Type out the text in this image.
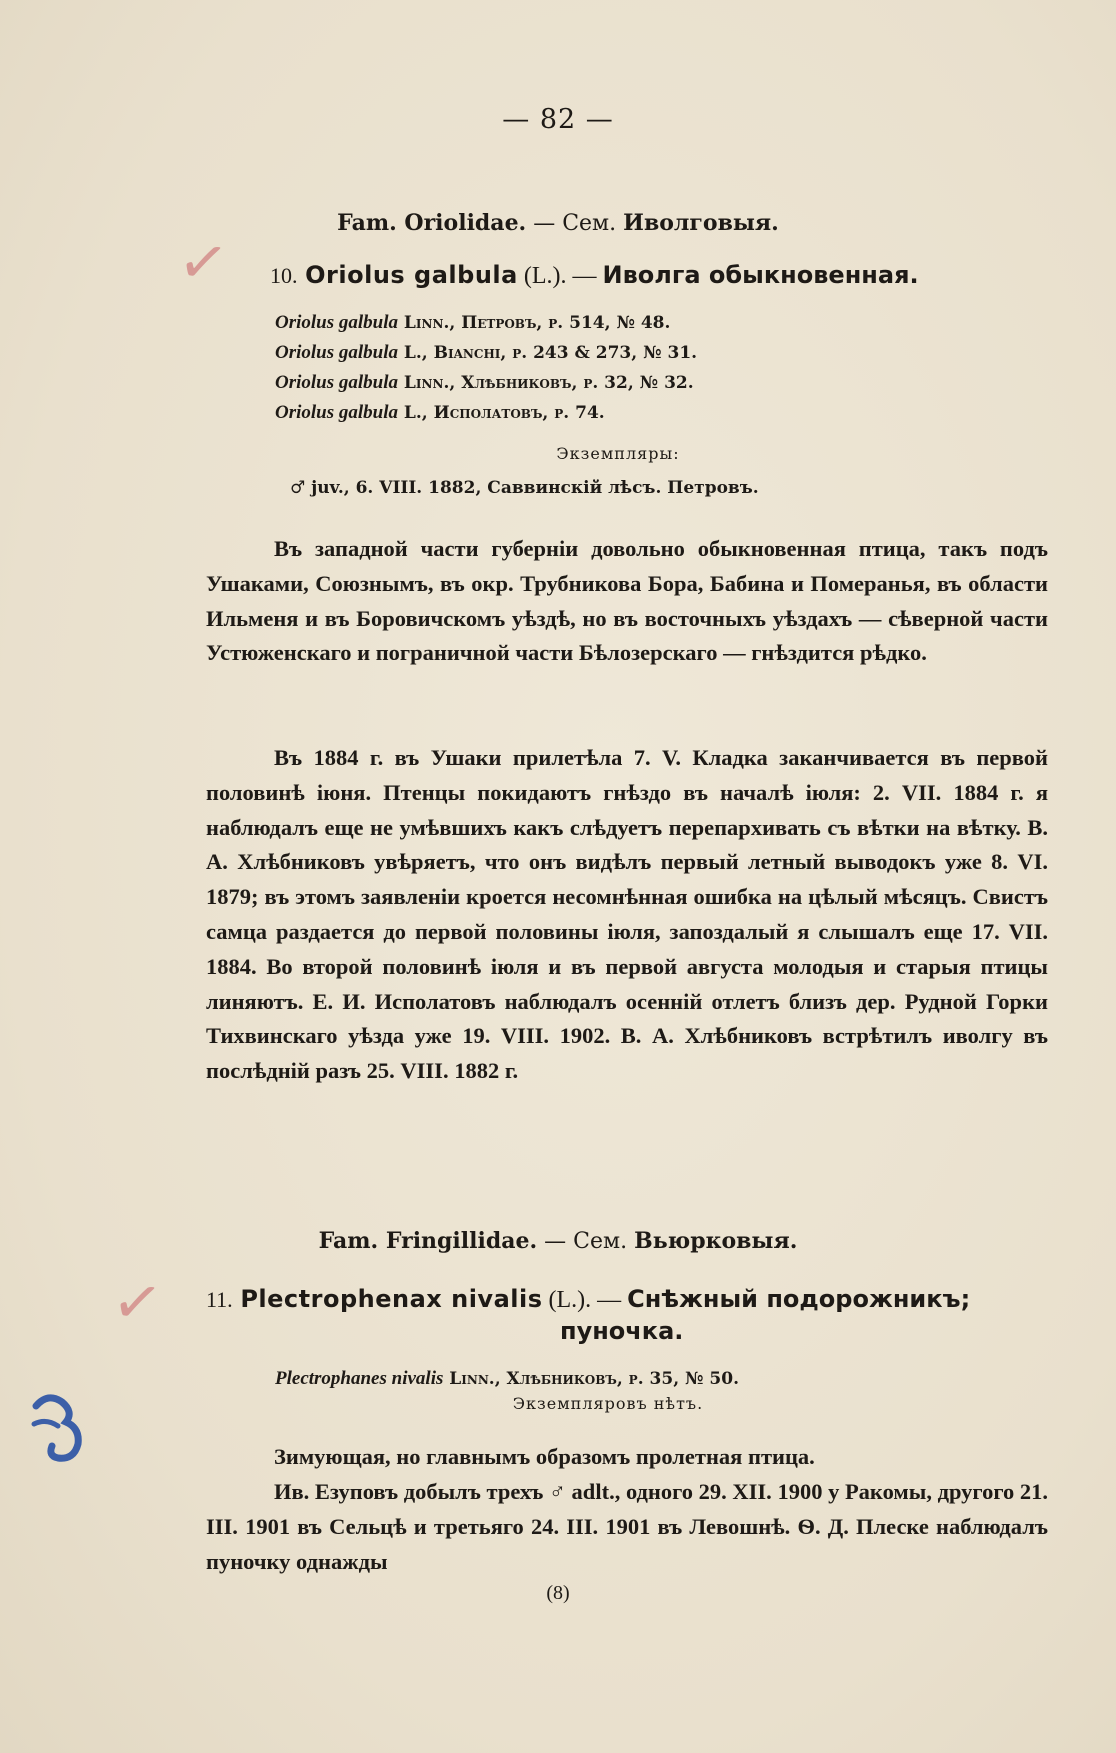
— 82 —
✓
✓
Fam. Oriolidae. — Сем. Иволговыя.
10. Oriolus galbula (L.). — Иволга обыкновенная.
Oriolus galbula Linn., Петровъ, p. 514, № 48.
Oriolus galbula L., Bianchi, p. 243 & 273, № 31.
Oriolus galbula Linn., Хлѣбниковъ, p. 32, № 32.
Oriolus galbula L., Исполатовъ, p. 74.
Экземпляры:
♂ juv., 6. VIII. 1882, Саввинскій лѣсъ. Петровъ.
Въ западной части губерніи довольно обыкновенная птица, такъ подъ Ушаками, Союзнымъ, въ окр. Трубникова Бора, Бабина и Померанья, въ области Ильменя и въ Боровичскомъ уѣздѣ, но въ восточныхъ уѣздахъ — сѣверной части Устюженскаго и пограничной части Бѣлозерскаго — гнѣздится рѣдко.
Въ 1884 г. въ Ушаки прилетѣла 7. V. Кладка заканчивается въ первой половинѣ іюня. Птенцы покидаютъ гнѣздо въ началѣ іюля: 2. VII. 1884 г. я наблюдалъ еще не умѣвшихъ какъ слѣдуетъ перепархивать съ вѣтки на вѣтку. В. А. Хлѣбниковъ увѣряетъ, что онъ видѣлъ первый летный выводокъ уже 8. VI. 1879; въ этомъ заявленіи кроется несомнѣнная ошибка на цѣлый мѣсяцъ. Свистъ самца раздается до первой половины іюля, запоздалый я слышалъ еще 17. VII. 1884. Во второй половинѣ іюля и въ первой августа молодыя и старыя птицы линяютъ. Е. И. Исполатовъ наблюдалъ осенній отлетъ близъ дер. Рудной Горки Тихвинскаго уѣзда уже 19. VIII. 1902. В. А. Хлѣбниковъ встрѣтилъ иволгу въ послѣдній разъ 25. VIII. 1882 г.
Fam. Fringillidae. — Сем. Вьюрковыя.
11. Plectrophenax nivalis (L.). — Снѣжный подорожникъ;
пуночка.
Plectrophanes nivalis Linn., Хлѣбниковъ, p. 35, № 50.
Экземпляровъ нѣтъ.
Зимующая, но главнымъ образомъ пролетная птица.
Ив. Езуповъ добылъ трехъ ♂ adlt., одного 29. XII. 1900 у Ракомы, другого 21. III. 1901 въ Сельцѣ и третьяго 24. III. 1901 въ Левошнѣ. Ѳ. Д. Плеске наблюдалъ пуночку однажды
(8)
